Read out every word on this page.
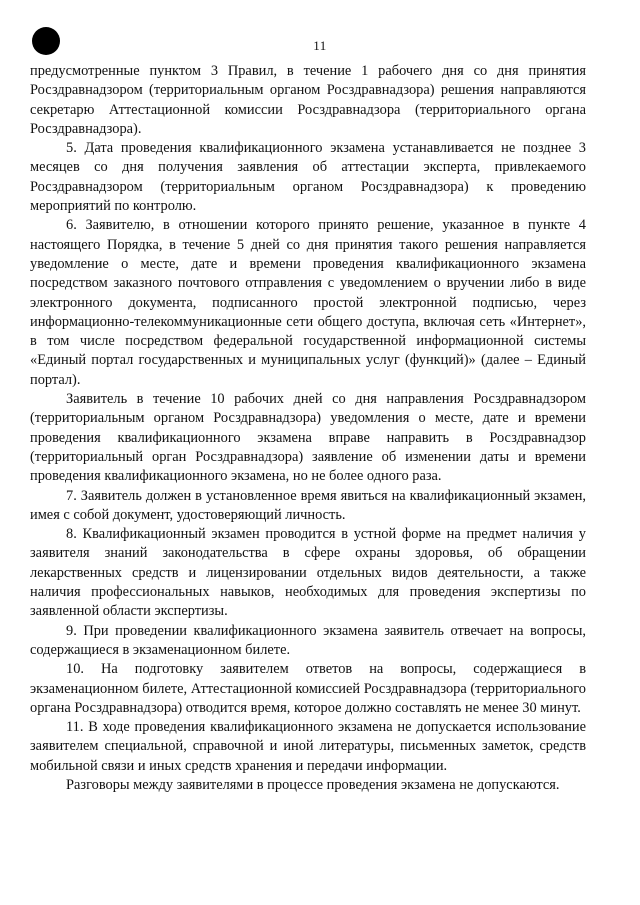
11

предусмотренные пунктом 3 Правил, в течение 1 рабочего дня со дня принятия Росздравнадзором (территориальным органом Росздравнадзора) решения направляются секретарю Аттестационной комиссии Росздравнадзора (территориального органа Росздравнадзора).

5. Дата проведения квалификационного экзамена устанавливается не позднее 3 месяцев со дня получения заявления об аттестации эксперта, привлекаемого Росздравнадзором (территориальным органом Росздравнадзора) к проведению мероприятий по контролю.

6. Заявителю, в отношении которого принято решение, указанное в пункте 4 настоящего Порядка, в течение 5 дней со дня принятия такого решения направляется уведомление о месте, дате и времени проведения квалификационного экзамена посредством заказного почтового отправления с уведомлением о вручении либо в виде электронного документа, подписанного простой электронной подписью, через информационно-телекоммуникационные сети общего доступа, включая сеть «Интернет», в том числе посредством федеральной государственной информационной системы «Единый портал государственных и муниципальных услуг (функций)» (далее – Единый портал).

Заявитель в течение 10 рабочих дней со дня направления Росздравнадзором (территориальным органом Росздравнадзора) уведомления о месте, дате и времени проведения квалификационного экзамена вправе направить в Росздравнадзор (территориальный орган Росздравнадзора) заявление об изменении даты и времени проведения квалификационного экзамена, но не более одного раза.

7. Заявитель должен в установленное время явиться на квалификационный экзамен, имея с собой документ, удостоверяющий личность.

8. Квалификационный экзамен проводится в устной форме на предмет наличия у заявителя знаний законодательства в сфере охраны здоровья, об обращении лекарственных средств и лицензировании отдельных видов деятельности, а также наличия профессиональных навыков, необходимых для проведения экспертизы по заявленной области экспертизы.

9. При проведении квалификационного экзамена заявитель отвечает на вопросы, содержащиеся в экзаменационном билете.

10. На подготовку заявителем ответов на вопросы, содержащиеся в экзаменационном билете, Аттестационной комиссией Росздравнадзора (территориального органа Росздравнадзора) отводится время, которое должно составлять не менее 30 минут.

11. В ходе проведения квалификационного экзамена не допускается использование заявителем специальной, справочной и иной литературы, письменных заметок, средств мобильной связи и иных средств хранения и передачи информации.

Разговоры между заявителями в процессе проведения экзамена не допускаются.
